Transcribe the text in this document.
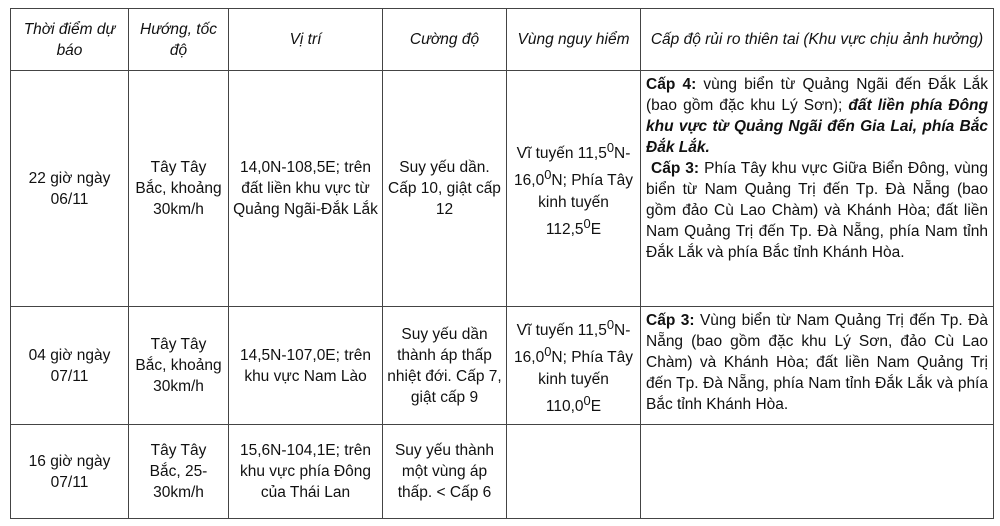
Thời điểm dự báo	Hướng, tốc độ	Vị trí	Cường độ	Vùng nguy hiểm	Cấp độ rủi ro thiên tai (Khu vực chịu ảnh hưởng)
22 giờ ngày 06/11	Tây Tây Bắc, khoảng 30km/h	14,0N-108,5E; trên đất liền khu vực từ Quảng Ngãi-Đắk Lắk	Suy yếu dần. Cấp 10, giật cấp 12	Vĩ tuyến 11,5$^0$N-16,0$^0$N; Phía Tây kinh tuyến 112,5$^0$E	Cấp 4: vùng biển từ Quảng Ngãi đến Đắk Lắk (bao gồm đặc khu Lý Sơn); đất liền phía Đông khu vực từ Quảng Ngãi đến Gia Lai, phía Bắc Đắk Lắk.
Cấp 3: Phía Tây khu vực Giữa Biển Đông, vùng biển từ Nam Quảng Trị đến Tp. Đà Nẵng (bao gồm đảo Cù Lao Chàm) và Khánh Hòa; đất liền Nam Quảng Trị đến Tp. Đà Nẵng, phía Nam tỉnh Đắk Lắk và phía Bắc tỉnh Khánh Hòa.
04 giờ ngày 07/11	Tây Tây Bắc, khoảng 30km/h	14,5N-107,0E; trên khu vực Nam Lào	Suy yếu dần thành áp thấp nhiệt đới. Cấp 7, giật cấp 9	Vĩ tuyến 11,5$^0$N-16,0$^0$N; Phía Tây kinh tuyến 110,0$^0$E	Cấp 3: Vùng biển từ Nam Quảng Trị đến Tp. Đà Nẵng (bao gồm đặc khu Lý Sơn, đảo Cù Lao Chàm) và Khánh Hòa; đất liền Nam Quảng Trị đến Tp. Đà Nẵng, phía Nam tỉnh Đắk Lắk và phía Bắc tỉnh Khánh Hòa.
16 giờ ngày 07/11	Tây Tây Bắc, 25-30km/h	15,6N-104,1E; trên khu vực phía Đông của Thái Lan	Suy yếu thành một vùng áp thấp. < Cấp 6		
